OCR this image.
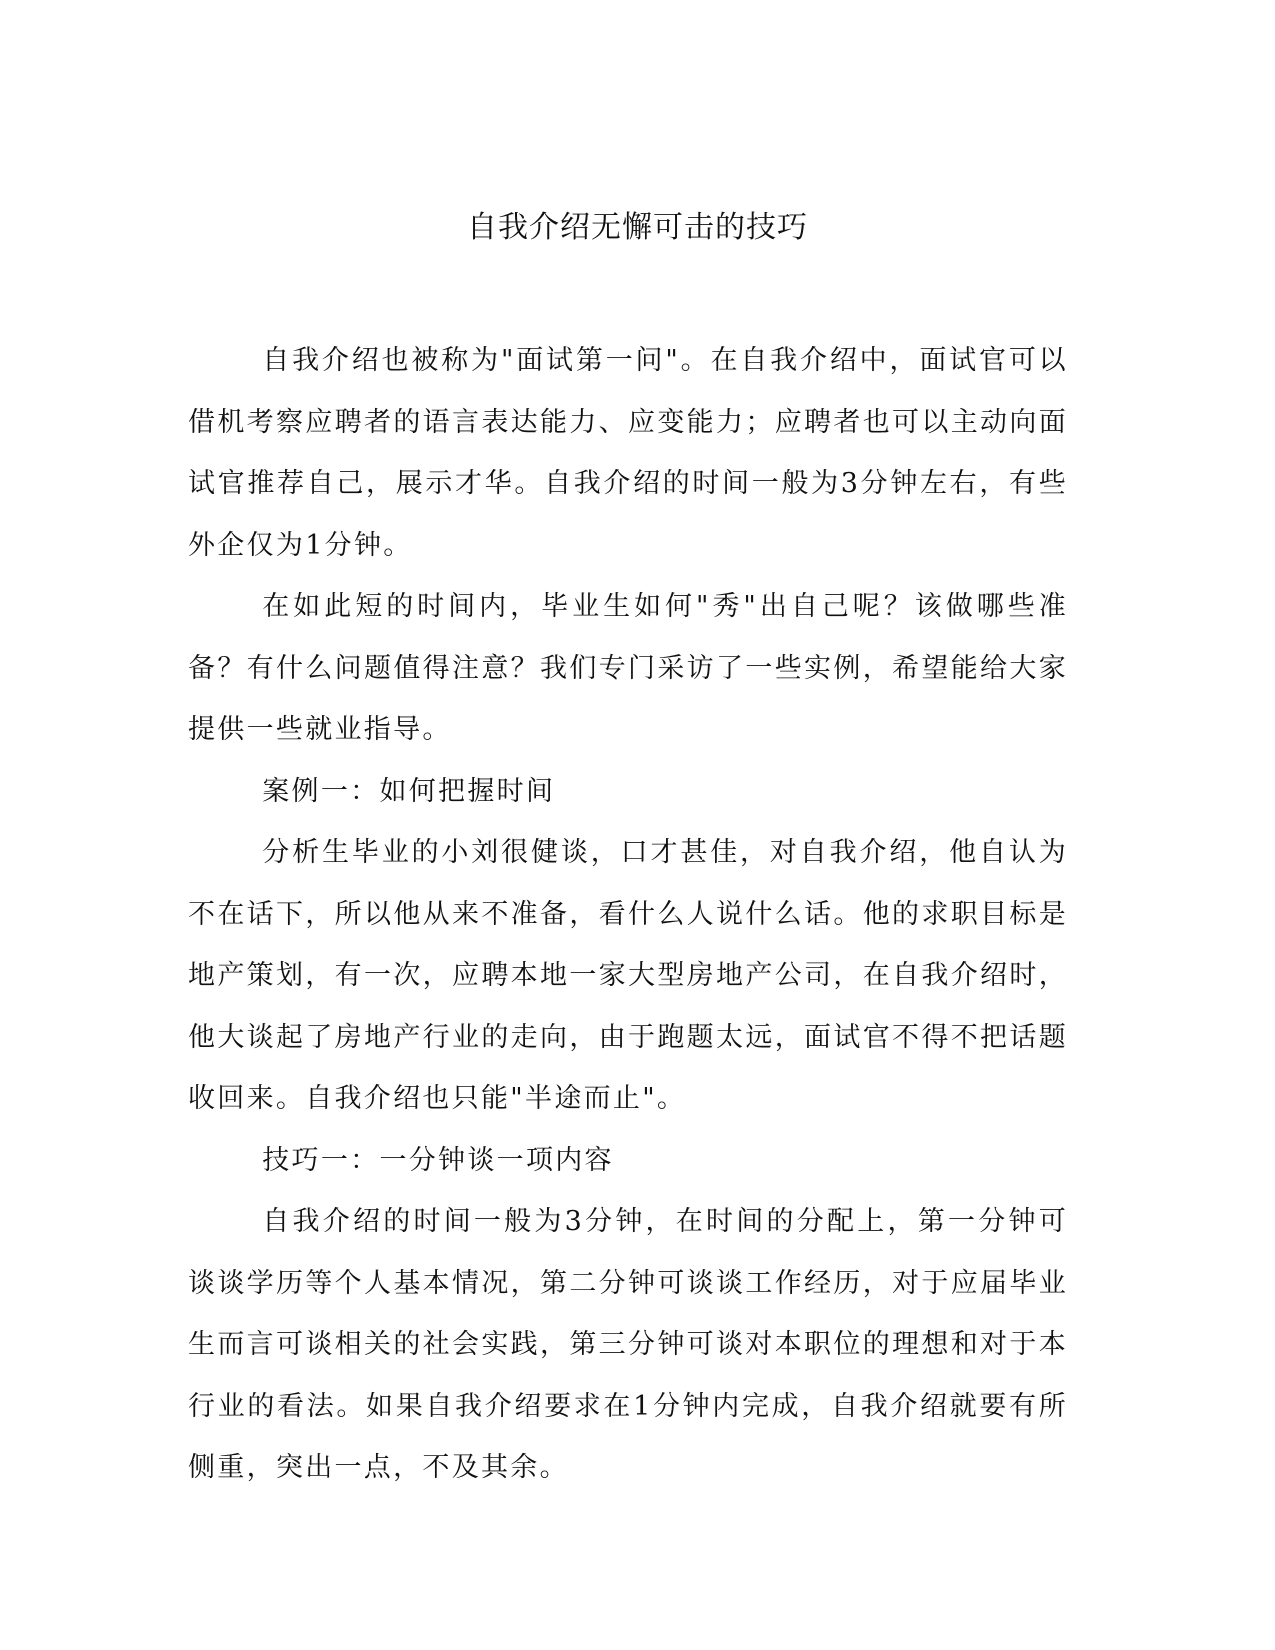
自我介绍无懈可击的技巧

自我介绍也被称为"面试第一问"。在自我介绍中，面试官可以借机考察应聘者的语言表达能力、应变能力；应聘者也可以主动向面试官推荐自己，展示才华。自我介绍的时间一般为3分钟左右，有些外企仅为1分钟。

在如此短的时间内，毕业生如何"秀"出自己呢？该做哪些准备？有什么问题值得注意？我们专门采访了一些实例，希望能给大家提供一些就业指导。

案例一：如何把握时间

分析生毕业的小刘很健谈，口才甚佳，对自我介绍，他自认为不在话下，所以他从来不准备，看什么人说什么话。他的求职目标是地产策划，有一次，应聘本地一家大型房地产公司，在自我介绍时，他大谈起了房地产行业的走向，由于跑题太远，面试官不得不把话题收回来。自我介绍也只能"半途而止"。

技巧一：一分钟谈一项内容

自我介绍的时间一般为3分钟，在时间的分配上，第一分钟可谈谈学历等个人基本情况，第二分钟可谈谈工作经历，对于应届毕业生而言可谈相关的社会实践，第三分钟可谈对本职位的理想和对于本行业的看法。如果自我介绍要求在1分钟内完成，自我介绍就要有所侧重，突出一点，不及其余。
